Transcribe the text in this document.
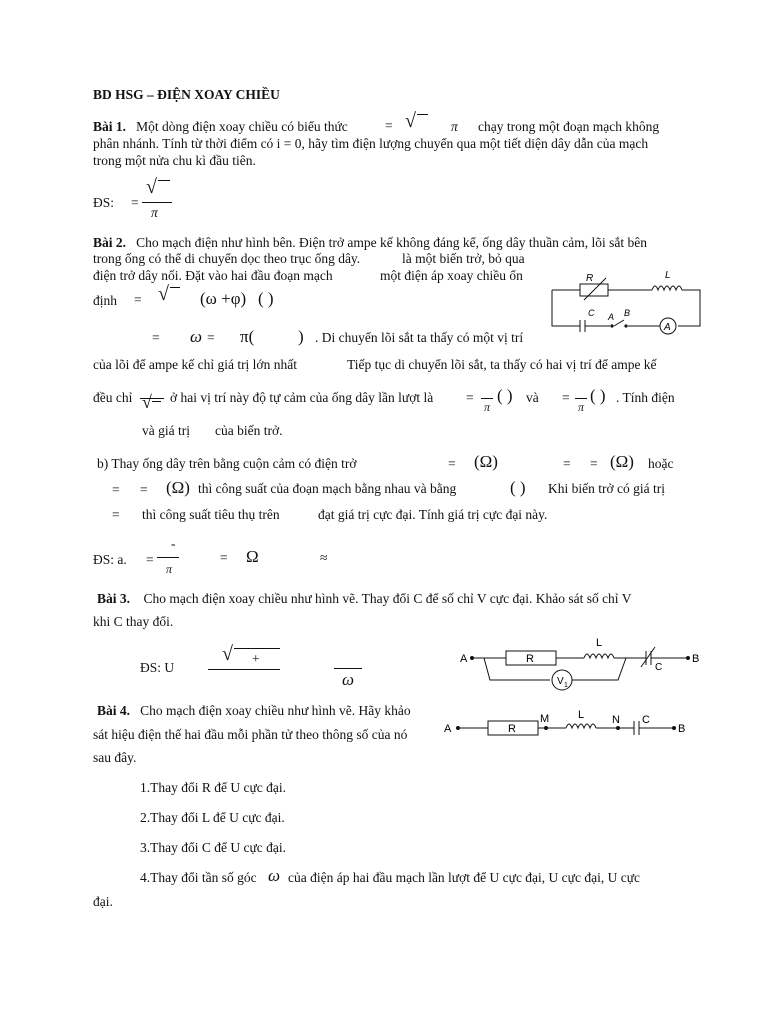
BD HSG – ĐIỆN XOAY CHIỀU
Bài 1. Một dòng điện xoay chiều có biểu thức	= √	π chạy trong một đoạn mạch không
phân nhánh. Tính từ thời điểm có i = 0, hãy tìm điện lượng chuyển qua một tiết diện dây dẫn của mạch
trong một nửa chu kì đầu tiên.
ĐS: =
√
π
Bài 2. Cho mạch điện như hình bên. Điện trở ampe kế không đáng kể, ống dây thuần cảm, lõi sắt bên
trong ống có thể di chuyển dọc theo trục ống dây.	là một biến trở, bỏ qua
điện trở dây nối. Đặt vào hai đầu đoạn mạch	một điện áp xoay chiều ổn
định = √ (ω +φ) ( )
= ω = π(	) . Di chuyển lõi sắt ta thấy có một vị trí
của lõi để ampe kế chỉ giá trị lớn nhất	Tiếp tục di chuyển lõi sắt, ta thấy có hai vị trí để ampe kế
đều chỉ √ ở hai vị trí này độ tự cảm của ống dây lần lượt là =
π
( ) và =
π
( ) . Tính điện
và giá trị của biến trở.
R	L
C A B
A
b) Thay ống dây trên bằng cuộn cảm có điện trở	= (Ω)	= = (Ω) hoặc
= = (Ω) thì công suất của đoạn mạch bằng nhau và bằng	( ) Khi biến trở có giá trị
= thì công suất tiêu thụ trên	đạt giá trị cực đại. Tính giá trị cực đại này.
ĐS: a. =
-
π
= Ω	≈
Bài 3. Cho mạch điện xoay chiều như hình vẽ. Thay đổi C để số chỉ V cực đại. Khảo sát số chỉ V
khi C thay đổi.
ĐS: U
√ +
ω
A	B
R
L
C
V 1
Bài 4. Cho mạch điện xoay chiều như hình vẽ. Hãy khảo
sát hiệu điện thế hai đầu mỗi phần tử theo thông số của nó
sau đây.
A	R
M	L	N C
B
1.Thay đổi R để U cực đại.
2.Thay đổi L để U cực đại.
3.Thay đổi C để U cực đại.
4.Thay đổi tần số góc ω của điện áp hai đầu mạch lần lượt để U cực đại, U cực đại, U cực
đại.
